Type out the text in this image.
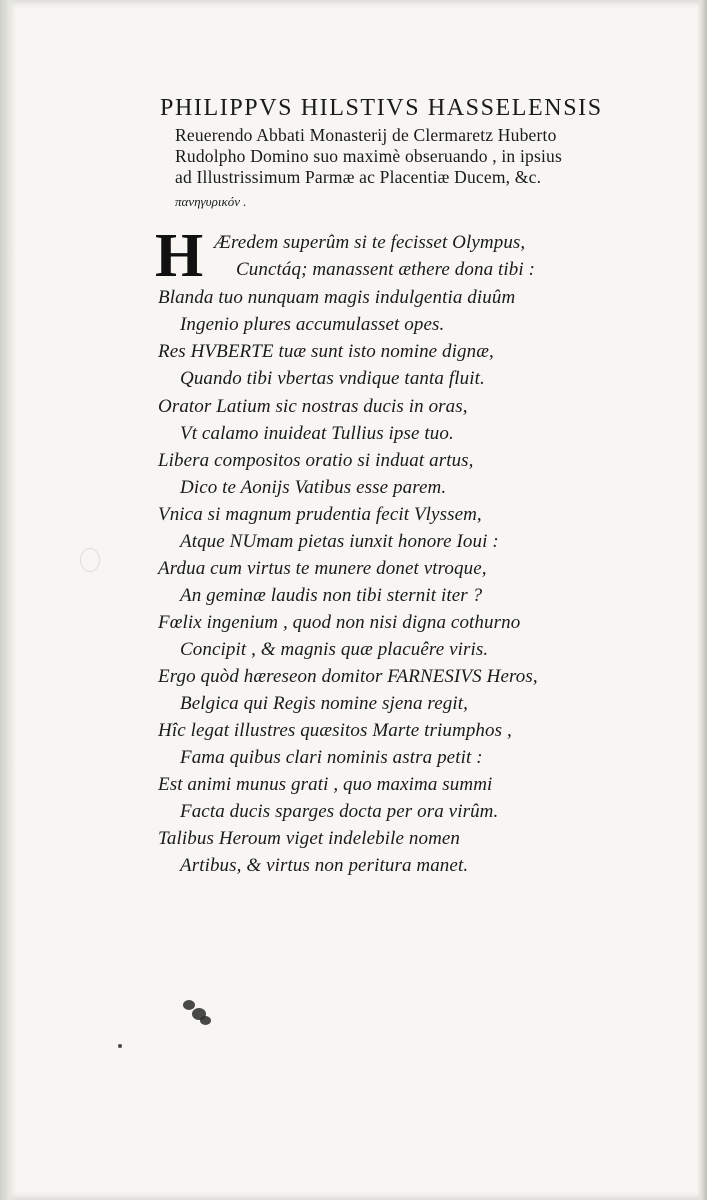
PHILIPPVS HILSTIVS HASSELENSIS
Reuerendo Abbati Monasterij de Clermaretz Huberto
Rudolpho Domino suo maximè obseruando , in ipsius
ad Illustrissimum Parmæ ac Placentiæ Ducem, &c.
πανηγυρικόν .
H Æredem superûm si te fecisset Olympus,
Cunctáq; manassent æthere dona tibi :
Blanda tuo nunquam magis indulgentia diuûm
Ingenio plures accumulasset opes.
Res HVBERTE tuæ sunt isto nomine dignæ,
Quando tibi vbertas vndique tanta fluit.
Orator Latium sic nostras ducis in oras,
Vt calamo inuideat Tullius ipse tuo.
Libera compositos oratio si induat artus,
Dico te Aonijs Vatibus esse parem.
Vnica si magnum prudentia fecit Vlyssem,
Atque NUmam pietas iunxit honore Ioui :
Ardua cum virtus te munere donet vtroque,
An geminæ laudis non tibi sternit iter ?
Fœlix ingenium , quod non nisi digna cothurno
Concipit , & magnis quæ placuêre viris.
Ergo quòd hæreseon domitor FARNESIVS Heros,
Belgica qui Regis nomine sjena regit,
Hîc legat illustres quæsitos Marte triumphos ,
Fama quibus clari nominis astra petit :
Est animi munus grati , quo maxima summi
Facta ducis sparges docta per ora virûm.
Talibus Heroum viget indelebile nomen
Artibus, & virtus non peritura manet.
